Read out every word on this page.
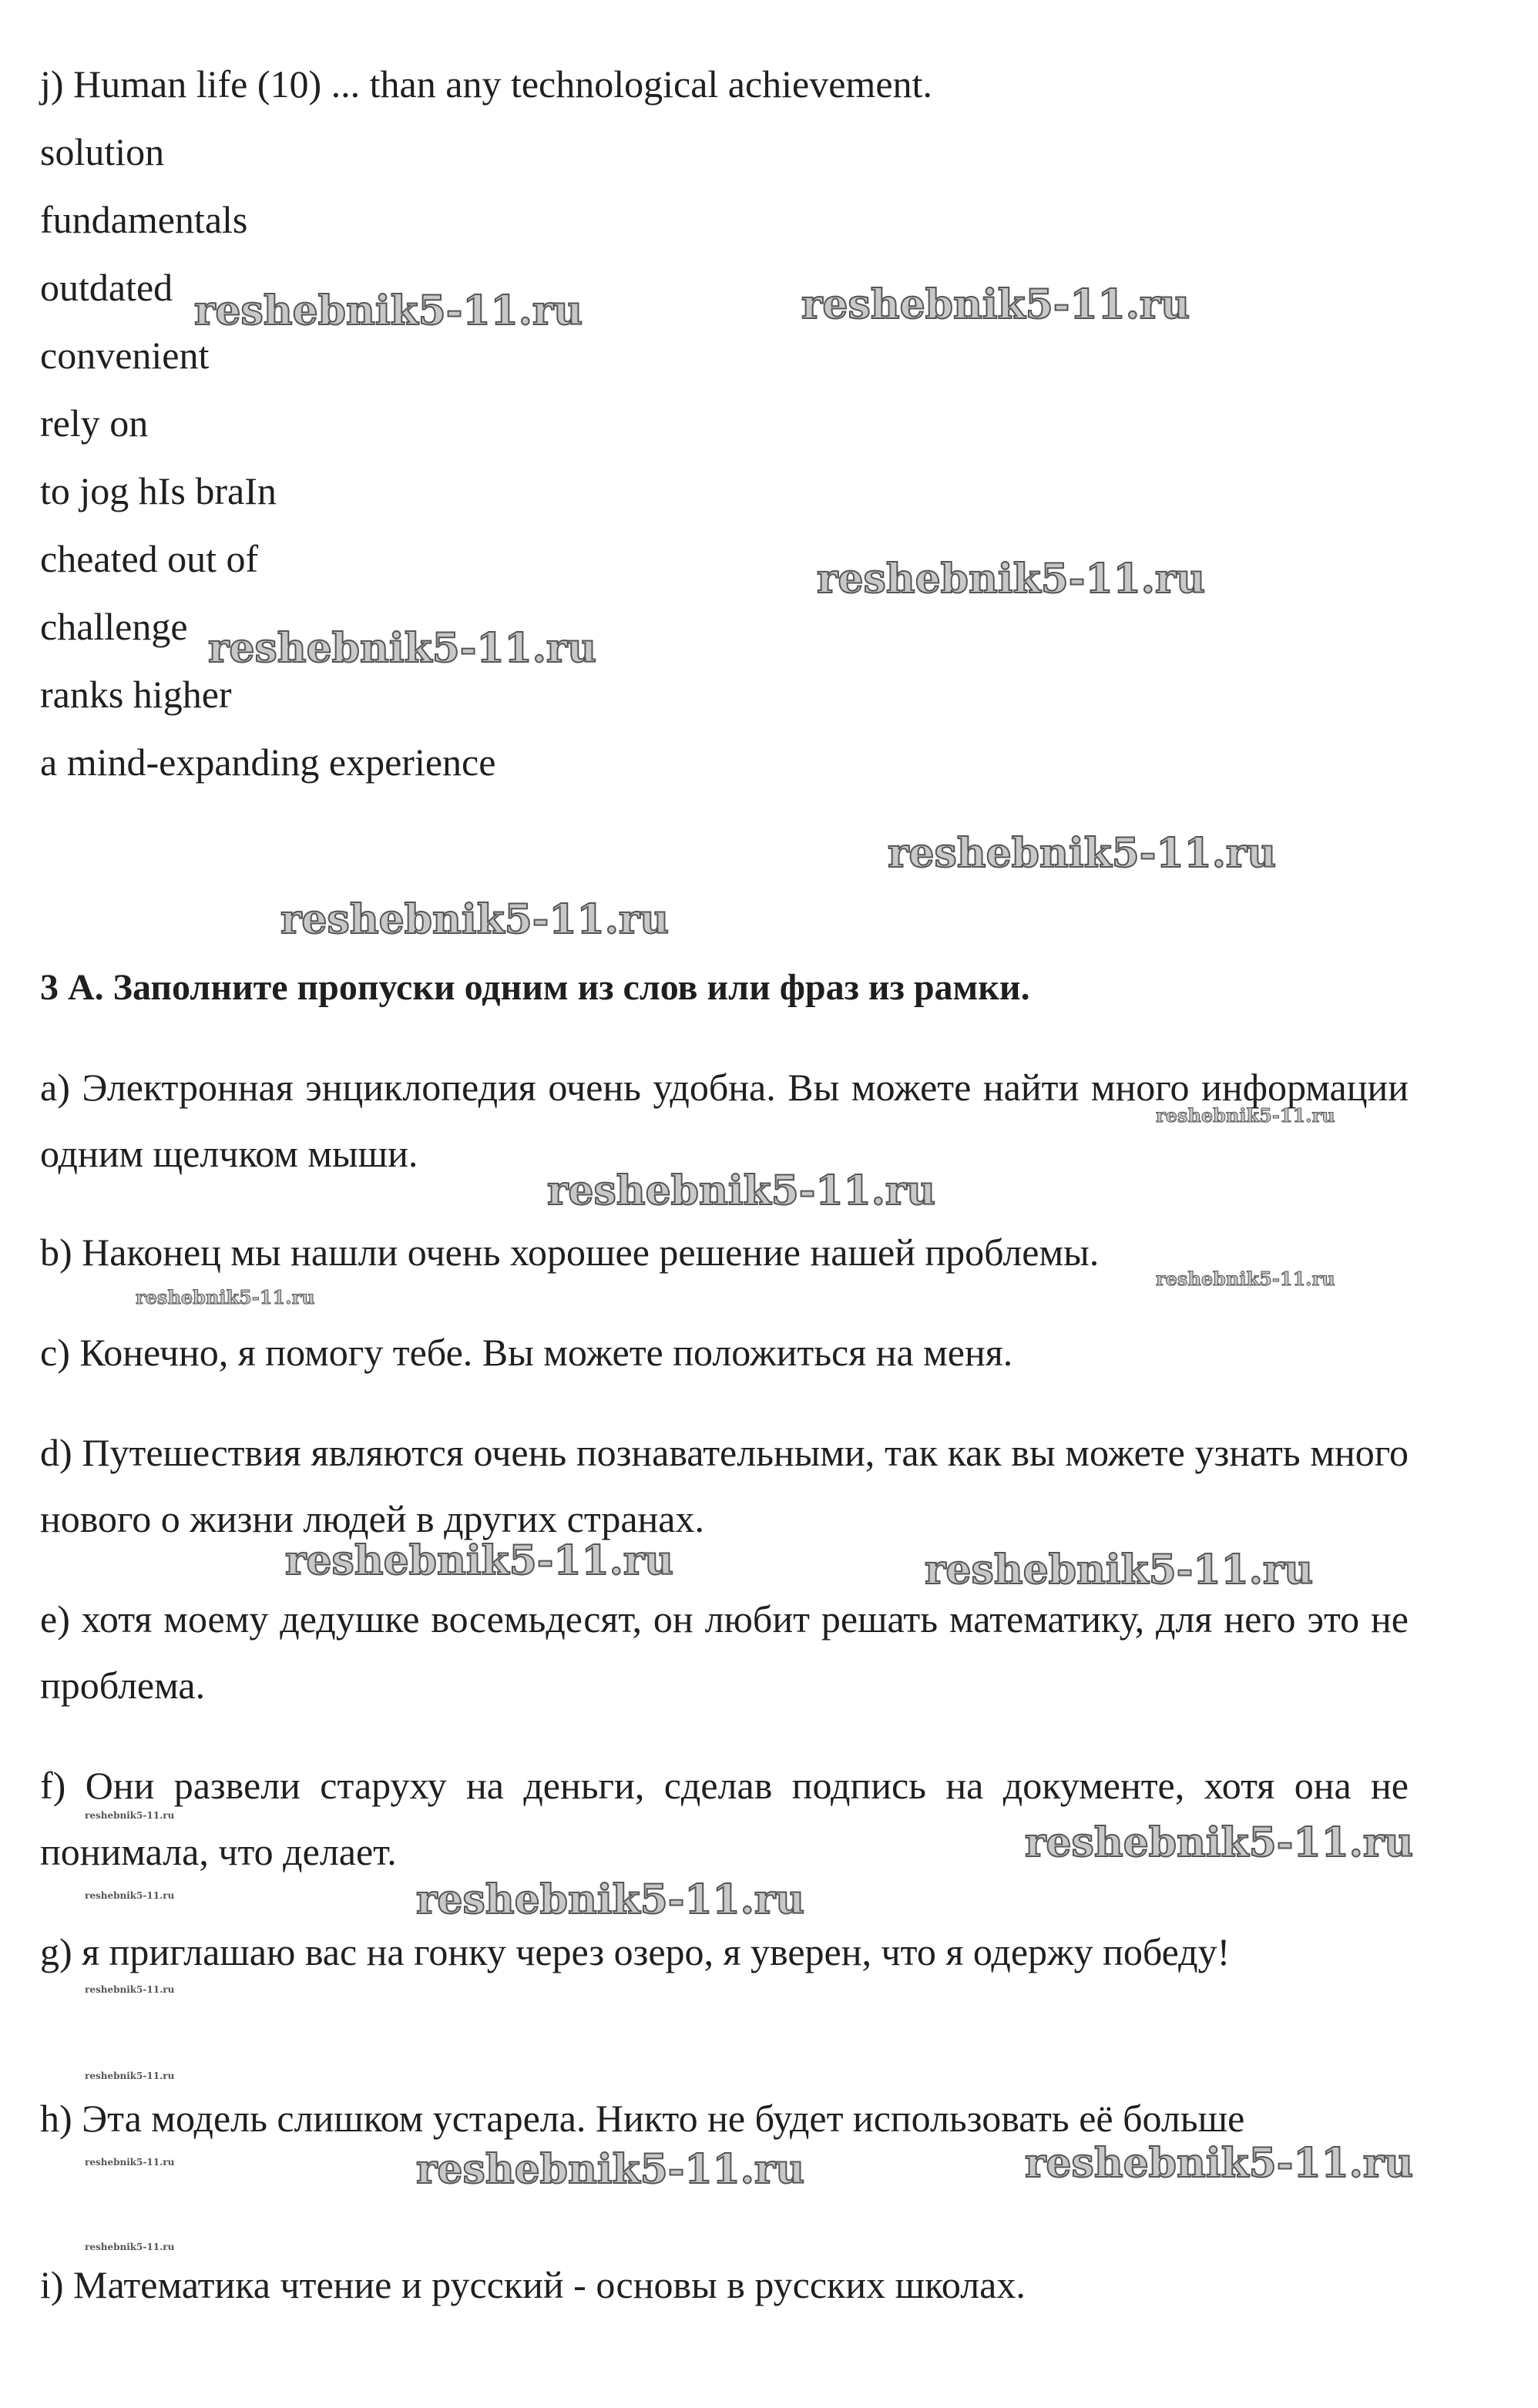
j) Human life (10) ... than any technological achievement.
solution
fundamentals
outdated
convenient
rely on
to jog hIs braIn
cheated out of
challenge
ranks higher
a mind-expanding experience
3 А. Заполните пропуски одним из слов или фраз из рамки.
a) Электронная энциклопедия очень удобна. Вы можете найти много информации одним щелчком мыши.
b) Наконец мы нашли очень хорошее решение нашей проблемы.
c) Конечно, я помогу тебе. Вы можете положиться на меня.
d) Путешествия являются очень познавательными, так как вы можете узнать много нового о жизни людей в других странах.
e) хотя моему дедушке восемьдесят, он любит решать математику, для него это не проблема.
f) Они развели старуху на деньги, сделав подпись на документе, хотя она не понимала, что делает.
g) я приглашаю вас на гонку через озеро, я уверен, что я одержу победу!
h) Эта модель слишком устарела. Никто не будет использовать её больше
i) Математика чтение и русский - основы в русских школах.
reshebnik5-11.ru	reshebnik5-11.ru
reshebnik5-11.ru
reshebnik5-11.ru
reshebnik5-11.ru
reshebnik5-11.ru
reshebnik5-11.ru
reshebnik5-11.ru
reshebnik5-11.ru
reshebnik5-11.ru
reshebnik5-11.ru	reshebnik5-11.ru
reshebnik5-11.ru
reshebnik5-11.ru
reshebnik5-11.ru	reshebnik5-11.ru
reshebnik5-11.ru
reshebnik5-11.ru
reshebnik5-11.ru	reshebnik5-11.ru	reshebnik5-11.ru
reshebnik5-11.ru
